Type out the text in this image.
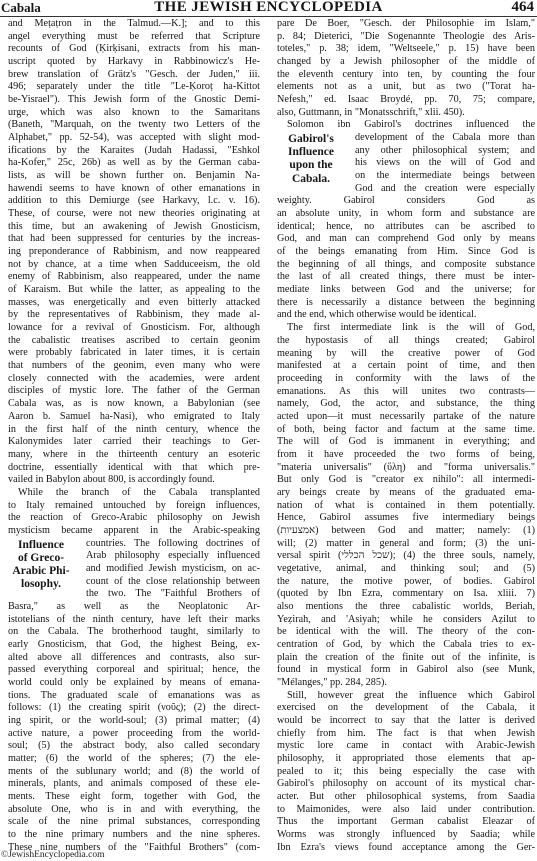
Cabala	THE JEWISH ENCYCLOPEDIA	464
and Meṭaṭron in the Talmud.—K.]; and to this
angel everything must be referred that Scripture
recounts of God (Ḳirḳisani, extracts from his man-
uscript quoted by Harkavy in Rabbinowicz's He-
brew translation of Grätz's "Gesch. der Juden," iii.
496; separately under the title "Le-Ḳoroṭ ha-Kittot
be-Yisrael"). This Jewish form of the Gnostic Demi-
urge, which was also known to the Samaritans
(Baneth, "Marquah, on the twenty two Letters of the
Alphabet," pp. 52-54), was accepted with slight mod-
ifications by the Karaites (Judah Hadassi, "Eshkol
ha-Kofer," 25c, 26b) as well as by the German caba-
lists, as will be shown further on. Benjamin Na-
hawendi seems to have known of other emanations in
addition to this Demiurge (see Harkavy, l.c. v. 16).
These, of course, were not new theories originating at
this time, but an awakening of Jewish Gnosticism,
that had been suppressed for centuries by the increas-
ing preponderance of Rabbinism, and now reappeared
not by chance, at a time when Sadduceeism, the old
enemy of Rabbinism, also reappeared, under the name
of Karaism. But while the latter, as appealing to the
masses, was energetically and even bitterly attacked
by the representatives of Rabbinism, they made al-
lowance for a revival of Gnosticism. For, although
the cabalistic treatises ascribed to certain geonim
were probably fabricated in later times, it is certain
that numbers of the geonim, even many who were
closely connected with the academies, were ardent
disciples of mystic lore. The father of the German
Cabala was, as is now known, a Babylonian (see
Aaron b. Samuel ha-Nasi), who emigrated to Italy
in the first half of the ninth century, whence the
Kalonymides later carried their teachings to Ger-
many, where in the thirteenth century an esoteric
doctrine, essentially identical with that which pre-
vailed in Babylon about 800, is accordingly found.
While the branch of the Cabala transplanted
to Italy remained untouched by foreign influences,
the reaction of Greco-Arabic philosophy on Jewish
mysticism became apparent in the Arabic-speaking
Influence
of Greco-
Arabic Phi-
losophy.
countries. The following doctrines of
Arab philosophy especially influenced
and modified Jewish mysticism, on ac-
count of the close relationship between
the two. The "Faithful Brothers of
Basra," as well as the Neoplatonic Ar-
istotelians of the ninth century, have left their marks
on the Cabala. The brotherhood taught, similarly to
early Gnosticism, that God, the highest Being, ex-
alted above all differences and contrasts, also sur-
passed everything corporeal and spiritual; hence, the
world could only be explained by means of emana-
tions. The graduated scale of emanations was as
follows: (1) the creating spirit (νοῦς); (2) the direct-
ing spirit, or the world-soul; (3) primal matter; (4)
active nature, a power proceeding from the world-
soul; (5) the abstract body, also called secondary
matter; (6) the world of the spheres; (7) the ele-
ments of the sublunary world; and (8) the world of
minerals, plants, and animals composed of these ele-
ments. These eight form, together with God, the
absolute One, who is in and with everything, the
scale of the nine primal substances, corresponding
to the nine primary numbers and the nine spheres.
These nine numbers of the "Faithful Brothers" (com-
pare De Boer, "Gesch. der Philosophie im Islam,"
p. 84; Dieterici, "Die Sogenannte Theologie des Aris-
toteles," p. 38; idem, "Weltseele," p. 15) have been
changed by a Jewish philosopher of the middle of
the eleventh century into ten, by counting the four
elements not as a unit, but as two ("Torat ha-
Nefesh," ed. Isaac Broydé, pp. 70, 75; compare,
also, Guttmann, in "Monatsschrift," xlii. 450).
Solomon ibn Gabirol's doctrines influenced the
Gabirol's
Influence
upon the
Cabala.
development of the Cabala more than
any other philosophical system; and
his views on the will of God and
on the intermediate beings between
God and the creation were especially
weighty. Gabirol considers God as
an absolute unity, in whom form and substance are
identical; hence, no attributes can be ascribed to
God, and man can comprehend God only by means
of the beings emanating from Him. Since God is
the beginning of all things, and composite substance
the last of all created things, there must be inter-
mediate links between God and the universe; for
there is necessarily a distance between the beginning
and the end, which otherwise would be identical.
The first intermediate link is the will of God,
the hypostasis of all things created; Gabirol
meaning by will the creative power of God
manifested at a certain point of time, and then
proceeding in conformity with the laws of the
emanations. As this will unites two contrasts—
namely, God, the actor, and substance, the thing
acted upon—it must necessarily partake of the nature
of both, being factor and factum at the same time.
The will of God is immanent in everything; and
from it have proceeded the two forms of being,
"materia universalis" (ὕλη) and "forma universalis."
But only God is "creator ex nihilo": all intermedi-
ary beings create by means of the graduated ema-
nation of what is contained in them potentially.
Hence, Gabirol assumes five intermediary beings
(אמצעיות) between God and matter; namely: (1)
will; (2) matter in general and form; (3) the uni-
versal spirit (שכל הכללי); (4) the three souls, namely,
vegetative, animal, and thinking soul; and (5)
the nature, the motive power, of bodies. Gabirol
(quoted by Ibn Ezra, commentary on Isa. xliii. 7)
also mentions the three cabalistic worlds, Beriah,
Yeẓirah, and 'Asiyah; while he considers Aẓilut to
be identical with the will. The theory of the con-
centration of God, by which the Cabala tries to ex-
plain the creation of the finite out of the infinite, is
found in mystical form in Gabirol also (see Munk,
"Mélanges," pp. 284, 285).
Still, however great the influence which Gabirol
exercised on the development of the Cabala, it
would be incorrect to say that the latter is derived
chiefly from him. The fact is that when Jewish
mystic lore came in contact with Arabic-Jewish
philosophy, it appropriated those elements that ap-
pealed to it; this being especially the case with
Gabirol's philosophy on account of its mystical char-
acter. But other philosophical systems, from Saadia
to Maimonides, were also laid under contribution.
Thus the important German cabalist Eleazar of
Worms was strongly influenced by Saadia; while
Ibn Ezra's views found acceptance among the Ger-
©JewishEncyclopedia.com
